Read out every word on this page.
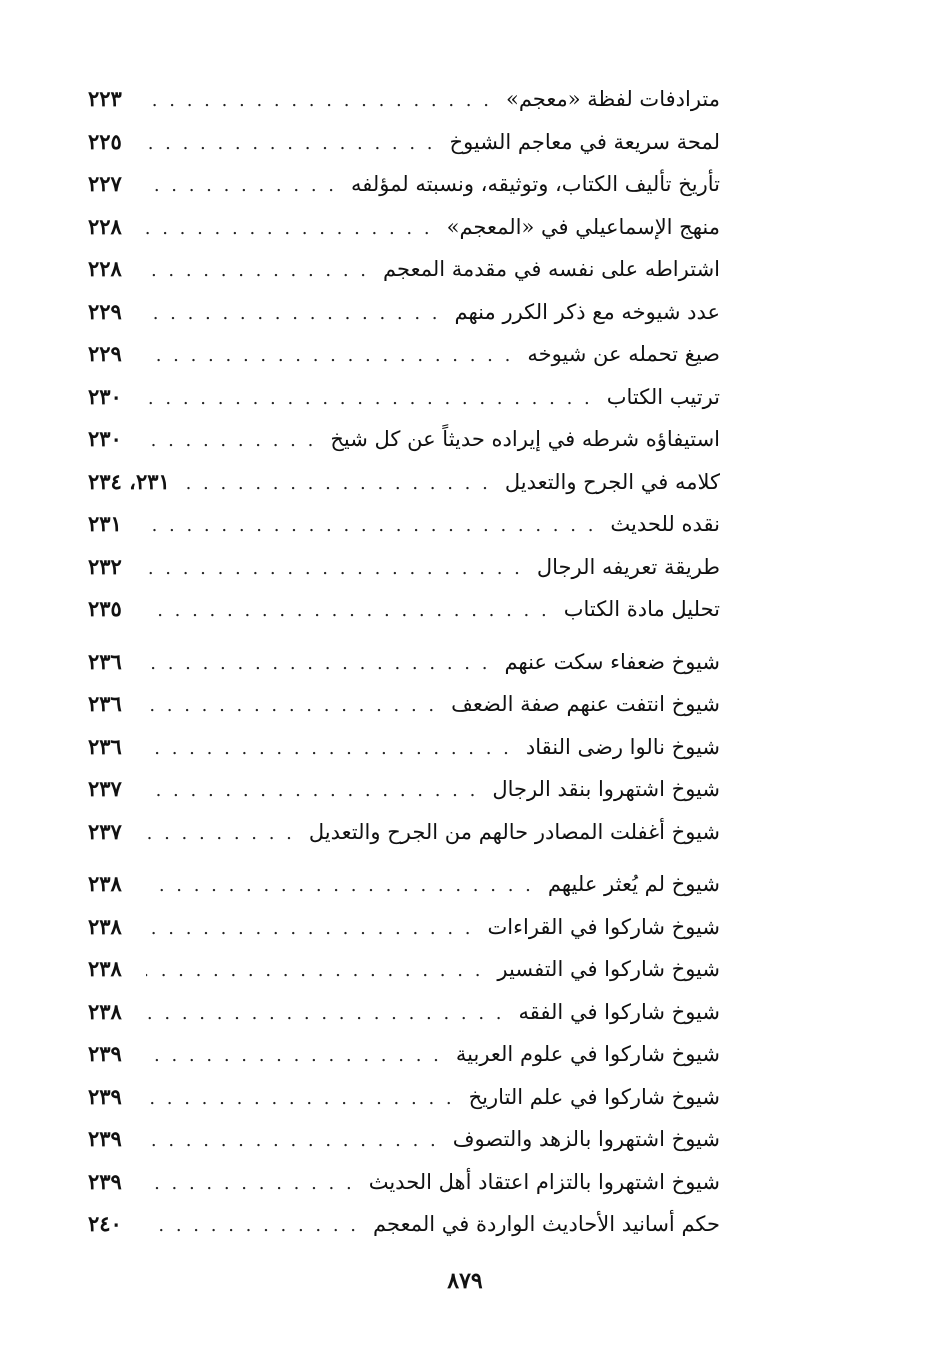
مترادفات لفظة «معجم»
. . .
٢٢٣
لمحة سريعة في معاجم الشيوخ
. . .
٢٢٥
تأريخ تأليف الكتاب، وتوثيقه، ونسبته لمؤلفه
. . .
٢٢٧
منهج الإسماعيلي في «المعجم»
. . .
٢٢٨
اشتراطه على نفسه في مقدمة المعجم
. . .
٢٢٨
عدد شيوخه مع ذكر الكرر منهم
. . .
٢٢٩
صيغ تحمله عن شيوخه
. . .
٢٢٩
ترتيب الكتاب
. . .
٢٣٠
استيفاؤه شرطه في إيراده حديثاً عن كل شيخ
. . .
٢٣٠
كلامه في الجرح والتعديل
. . .
٢٣١، ٢٣٤
نقده للحديث
. . .
٢٣١
طريقة تعريفه الرجال
. . .
٢٣٢
تحليل مادة الكتاب
. . .
٢٣٥
شيوخ ضعفاء سكت عنهم
. . .
٢٣٦
شيوخ انتفت عنهم صفة الضعف
. . .
٢٣٦
شيوخ نالوا رضى النقاد
. . .
٢٣٦
شيوخ اشتهروا بنقد الرجال
. . .
٢٣٧
شيوخ أغفلت المصادر حالهم من الجرح والتعديل
. . .
٢٣٧
شيوخ لم يُعثر عليهم
. . .
٢٣٨
شيوخ شاركوا في القراءات
. . .
٢٣٨
شيوخ شاركوا في التفسير
. . .
٢٣٨
شيوخ شاركوا في الفقه
. . .
٢٣٨
شيوخ شاركوا في علوم العربية
. . .
٢٣٩
شيوخ شاركوا في علم التاريخ
. . .
٢٣٩
شيوخ اشتهروا بالزهد والتصوف
. . .
٢٣٩
شيوخ اشتهروا بالتزام اعتقاد أهل الحديث
. . .
٢٣٩
حكم أسانيد الأحاديث الواردة في المعجم
. . .
٢٤٠
٨٧٩
